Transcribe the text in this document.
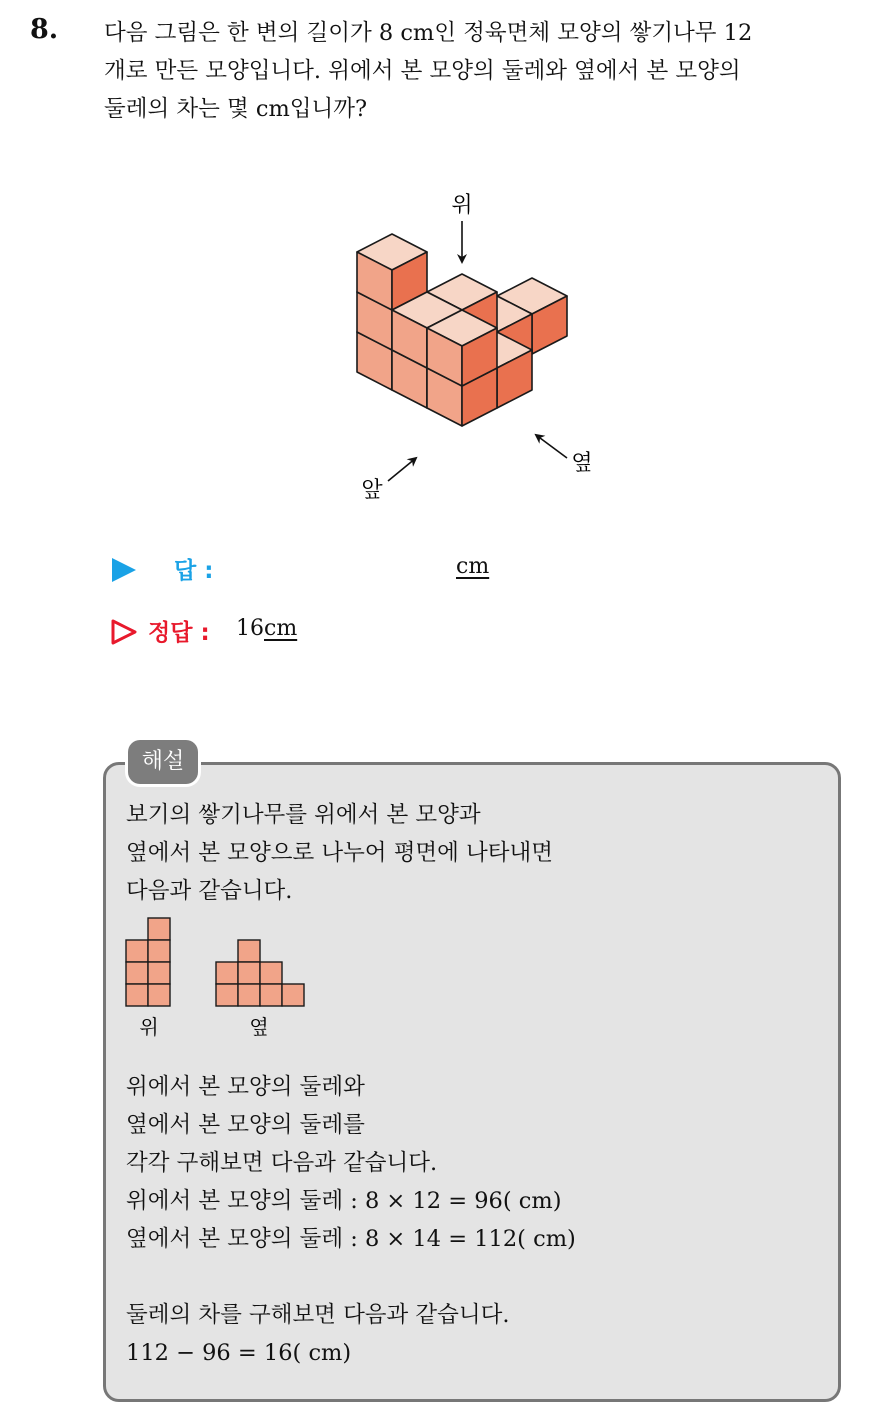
8. 다음 그림은 한 변의 길이가 8 cm인 정육면체 모양의 쌓기나무 12
개로 만든 모양입니다. 위에서 본 모양의 둘레와 옆에서 본 모양의
둘레의 차는 몇 cm입니까?
위
앞
옆
답 :	cm
정답 : 16cm
해설
보기의 쌓기나무를 위에서 본 모양과
옆에서 본 모양으로 나누어 평면에 나타내면
다음과 같습니다.
위	옆
위에서 본 모양의 둘레와
옆에서 본 모양의 둘레를
각각 구해보면 다음과 같습니다.
위에서 본 모양의 둘레 : 8 × 12 = 96( cm)
옆에서 본 모양의 둘레 : 8 × 14 = 112( cm)
둘레의 차를 구해보면 다음과 같습니다.
112 − 96 = 16( cm)
